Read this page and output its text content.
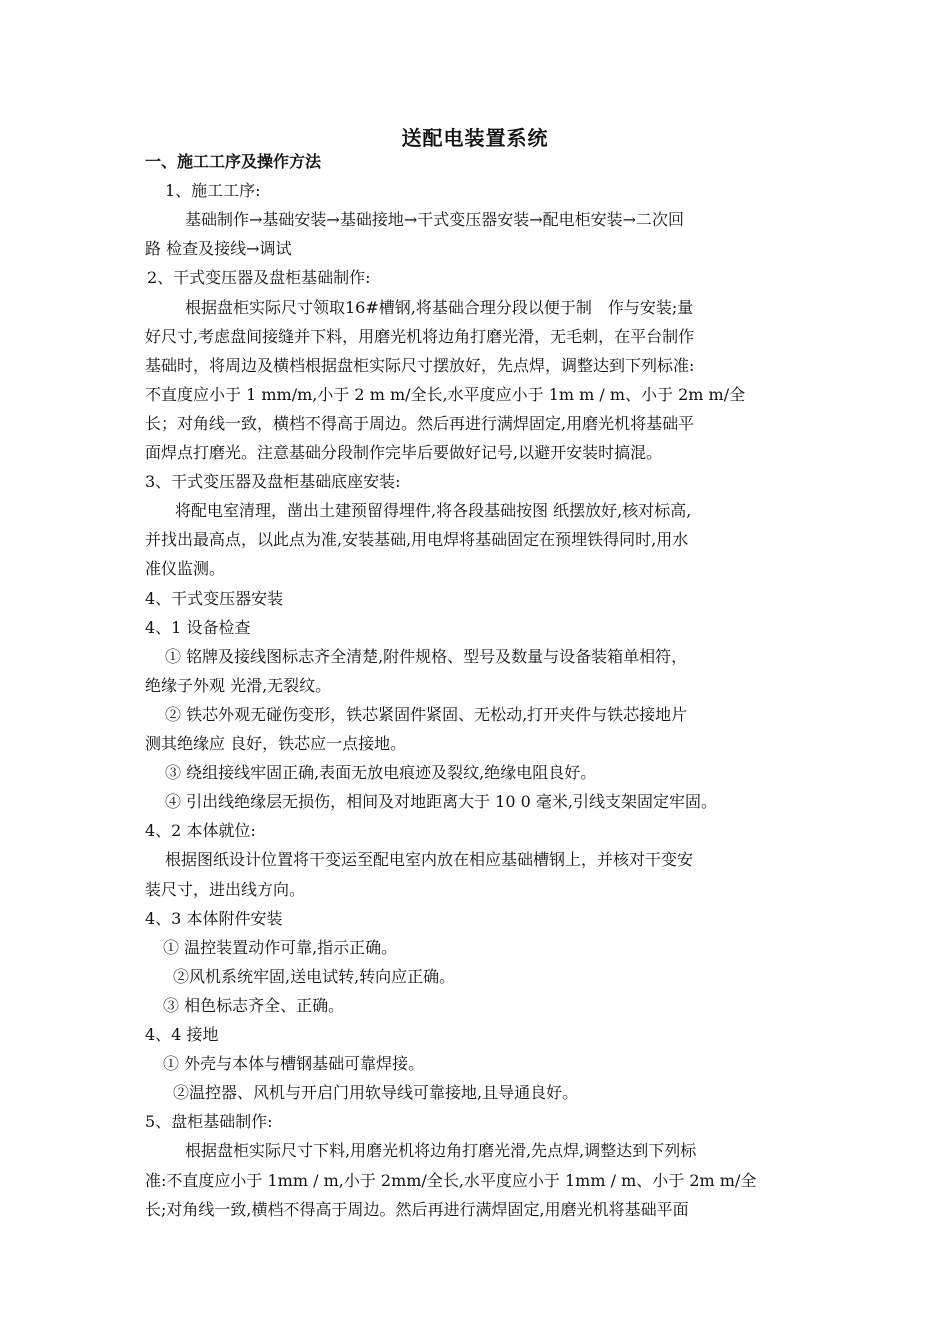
送配电装置系统
一、施工工序及操作方法
1、施工工序:
基础制作→基础安装→基础接地→干式变压器安装→配电柜安装→二次回
路 检查及接线→调试
2、干式变压器及盘柜基础制作:
根据盘柜实际尺寸领取16#槽钢,将基础合理分段以便于制　作与安装;量
好尺寸,考虑盘间接缝并下料，用磨光机将边角打磨光滑，无毛刺，在平台制作
基础时，将周边及横档根据盘柜实际尺寸摆放好，先点焊，调整达到下列标准:
不直度应小于 1 mm/m,小于 2 m m/全长,水平度应小于 1m m / m、小于 2m m/全
长；对角线一致，横档不得高于周边。然后再进行满焊固定,用磨光机将基础平
面焊点打磨光。注意基础分段制作完毕后要做好记号,以避开安装时搞混。
3、干式变压器及盘柜基础底座安装:
将配电室清理，凿出土建预留得埋件,将各段基础按图 纸摆放好,核对标高,
并找出最高点，以此点为准,安装基础,用电焊将基础固定在预埋铁得同时,用水
准仪监测。
4、干式变压器安装
4、1 设备检查
① 铭牌及接线图标志齐全清楚,附件规格、型号及数量与设备装箱单相符，
绝缘子外观 光滑,无裂纹。
② 铁芯外观无碰伤变形，铁芯紧固件紧固、无松动,打开夹件与铁芯接地片
测其绝缘应 良好，铁芯应一点接地。
③ 绕组接线牢固正确,表面无放电痕迹及裂纹,绝缘电阻良好。
④ 引出线绝缘层无损伤，相间及对地距离大于 10 0 毫米,引线支架固定牢固。
4、2 本体就位:
根据图纸设计位置将干变运至配电室内放在相应基础槽钢上，并核对干变安
装尺寸，进出线方向。
4、3 本体附件安装
① 温控装置动作可靠,指示正确。
②风机系统牢固,送电试转,转向应正确。
③ 相色标志齐全、正确。
4、4 接地
① 外壳与本体与槽钢基础可靠焊接。
②温控器、风机与开启门用软导线可靠接地,且导通良好。
5、盘柜基础制作:
根据盘柜实际尺寸下料,用磨光机将边角打磨光滑,先点焊,调整达到下列标
准:不直度应小于 1mm / m,小于 2mm/全长,水平度应小于 1mm / m、小于 2m m/全
长;对角线一致,横档不得高于周边。然后再进行满焊固定,用磨光机将基础平面
